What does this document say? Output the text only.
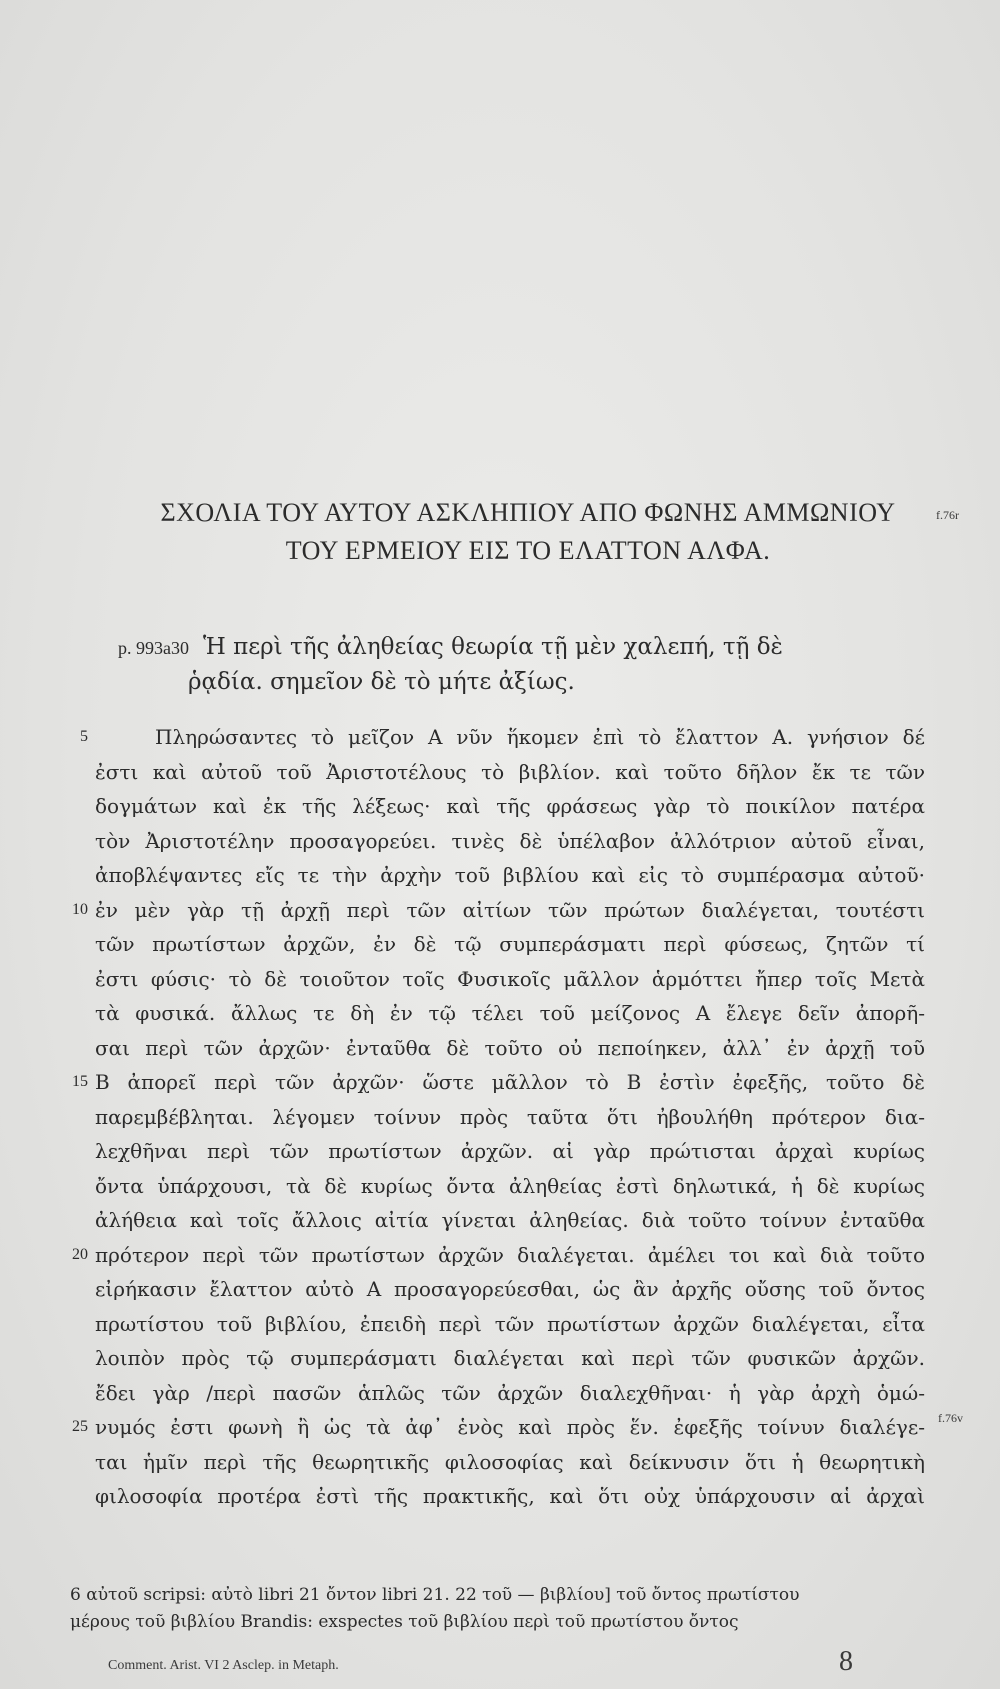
ΣΧΟΛΙΑ ΤΟΥ ΑΥΤΟΥ ΑΣΚΛΗΠΙΟΥ ΑΠΟ ΦΩΝΗΣ ΑΜΜΩΝΙΟΥ
ΤΟΥ ΕΡΜΕΙΟΥ ΕΙΣ ΤΟ ΕΛΑΤΤΟΝ ΑΛΦΑ.
f.76r
p. 993a30 Ἡ περὶ τῆς ἀληθείας θεωρία τῇ μὲν χαλεπή, τῇ δὲ
ῥᾳδία. σημεῖον δὲ τὸ μήτε ἀξίως.
5	Πληρώσαντες τὸ μεῖζον Α νῦν ἥκομεν ἐπὶ τὸ ἔλαττον Α. γνήσιον δέ
ἐστι καὶ αὐτοῦ τοῦ Ἀριστοτέλους τὸ βιβλίον. καὶ τοῦτο δῆλον ἔκ τε τῶν
δογμάτων καὶ ἐκ τῆς λέξεως· καὶ τῆς φράσεως γὰρ τὸ ποικίλον πατέρα
τὸν Ἀριστοτέλην προσαγορεύει. τινὲς δὲ ὑπέλαβον ἀλλότριον αὐτοῦ εἶναι,
ἀποβλέψαντες εἴς τε τὴν ἀρχὴν τοῦ βιβλίου καὶ εἰς τὸ συμπέρασμα αὐτοῦ·
10 ἐν μὲν γὰρ τῇ ἀρχῇ περὶ τῶν αἰτίων τῶν πρώτων διαλέγεται, τουτέστι
τῶν πρωτίστων ἀρχῶν, ἐν δὲ τῷ συμπεράσματι περὶ φύσεως, ζητῶν τί
ἐστι φύσις· τὸ δὲ τοιοῦτον τοῖς Φυσικοῖς μᾶλλον ἁρμόττει ἤπερ τοῖς Μετὰ
τὰ φυσικά. ἄλλως τε δὴ ἐν τῷ τέλει τοῦ μείζονος Α ἔλεγε δεῖν ἀπορῆ-
σαι περὶ τῶν ἀρχῶν· ἐνταῦθα δὲ τοῦτο οὐ πεποίηκεν, ἀλλ᾽ ἐν ἀρχῇ τοῦ
15 Β ἀπορεῖ περὶ τῶν ἀρχῶν· ὥστε μᾶλλον τὸ Β ἐστὶν ἐφεξῆς, τοῦτο δὲ
παρεμβέβληται. λέγομεν τοίνυν πρὸς ταῦτα ὅτι ἠβουλήθη πρότερον δια-
λεχθῆναι περὶ τῶν πρωτίστων ἀρχῶν. αἱ γὰρ πρώτισται ἀρχαὶ κυρίως
ὄντα ὑπάρχουσι, τὰ δὲ κυρίως ὄντα ἀληθείας ἐστὶ δηλωτικά, ἡ δὲ κυρίως
ἀλήθεια καὶ τοῖς ἄλλοις αἰτία γίνεται ἀληθείας. διὰ τοῦτο τοίνυν ἐνταῦθα
20 πρότερον περὶ τῶν πρωτίστων ἀρχῶν διαλέγεται. ἀμέλει τοι καὶ διὰ τοῦτο
εἰρήκασιν ἔλαττον αὐτὸ Α προσαγορεύεσθαι, ὡς ἂν ἀρχῆς οὔσης τοῦ ὄντος
πρωτίστου τοῦ βιβλίου, ἐπειδὴ περὶ τῶν πρωτίστων ἀρχῶν διαλέγεται, εἶτα
λοιπὸν πρὸς τῷ συμπεράσματι διαλέγεται καὶ περὶ τῶν φυσικῶν ἀρχῶν.
ἔδει γὰρ /περὶ πασῶν ἁπλῶς τῶν ἀρχῶν διαλεχθῆναι· ἡ γὰρ ἀρχὴ ὁμώ-
25 νυμός ἐστι φωνὴ ἢ ὡς τὰ ἀφ᾽ ἑνὸς καὶ πρὸς ἕν. ἐφεξῆς τοίνυν διαλέγε-
ται ἡμῖν περὶ τῆς θεωρητικῆς φιλοσοφίας καὶ δείκνυσιν ὅτι ἡ θεωρητικὴ
φιλοσοφία προτέρα ἐστὶ τῆς πρακτικῆς, καὶ ὅτι οὐχ ὑπάρχουσιν αἱ ἀρχαὶ
f.76v
6 αὐτοῦ scripsi: αὐτὸ libri 21 ὄντον libri 21. 22 τοῦ — βιβλίου] τοῦ ὄντος πρωτίστου
μέρους τοῦ βιβλίου Brandis: exspectes τοῦ βιβλίου περὶ τοῦ πρωτίστου ὄντος
Comment. Arist. VI 2 Asclep. in Metaph.	8
